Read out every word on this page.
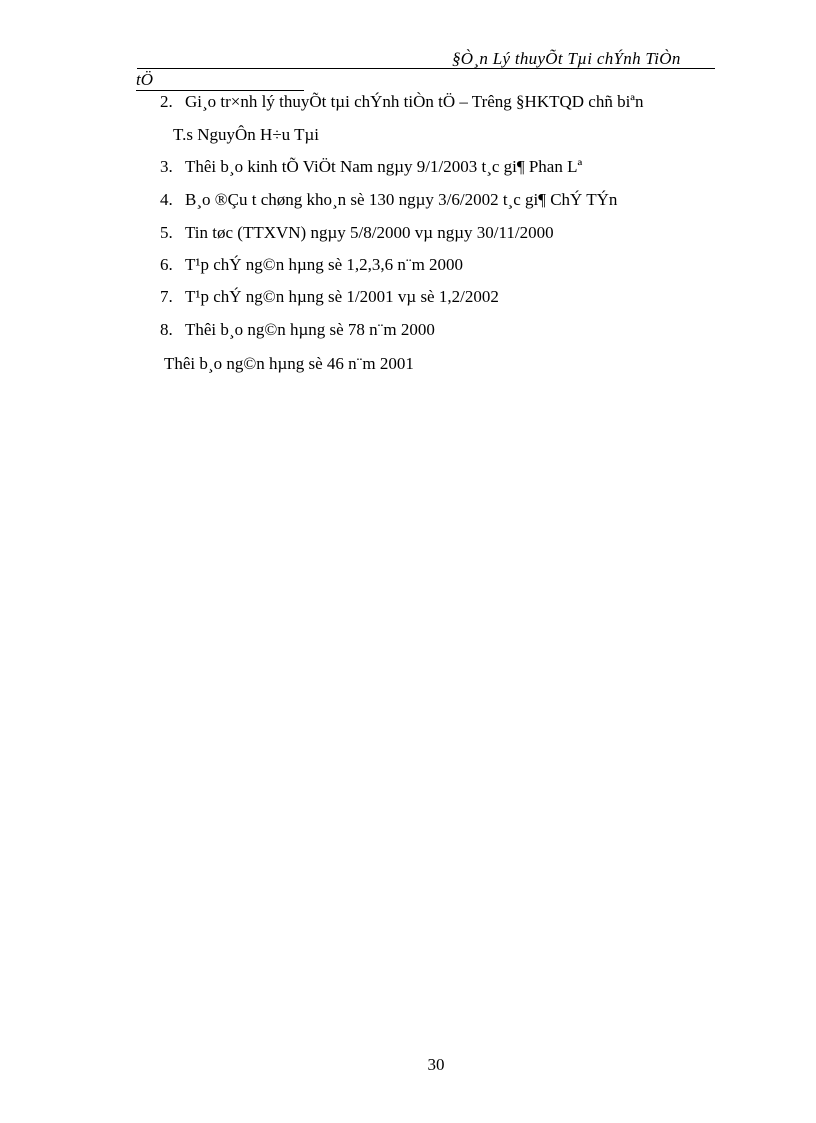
§Ò¸n Lý thuyÕt Tµi chÝnh TiÒn
tÖ
2. Gi¸o tr×nh lý thuyÕt tµi chÝnh tiÒn tÖ – Trêng §HKTQD chñ biªn
T.s NguyÔn H÷u Tµi
3. Thêi b¸o kinh tÕ ViÖt Nam ngµy 9/1/2003 t¸c gi¶ Phan Lª
4. B¸o ®Çu t chøng kho¸n sè 130 ngµy 3/6/2002 t¸c gi¶ ChÝ TÝn
5. Tin tøc (TTXVN) ngµy 5/8/2000 vµ ngµy 30/11/2000
6. T¹p chÝ ng©n hµng sè 1,2,3,6 n¨m 2000
7. T¹p chÝ ng©n hµng sè 1/2001 vµ sè 1,2/2002
8. Thêi b¸o ng©n hµng sè 78 n¨m 2000
Thêi b¸o ng©n hµng sè 46 n¨m 2001
30
